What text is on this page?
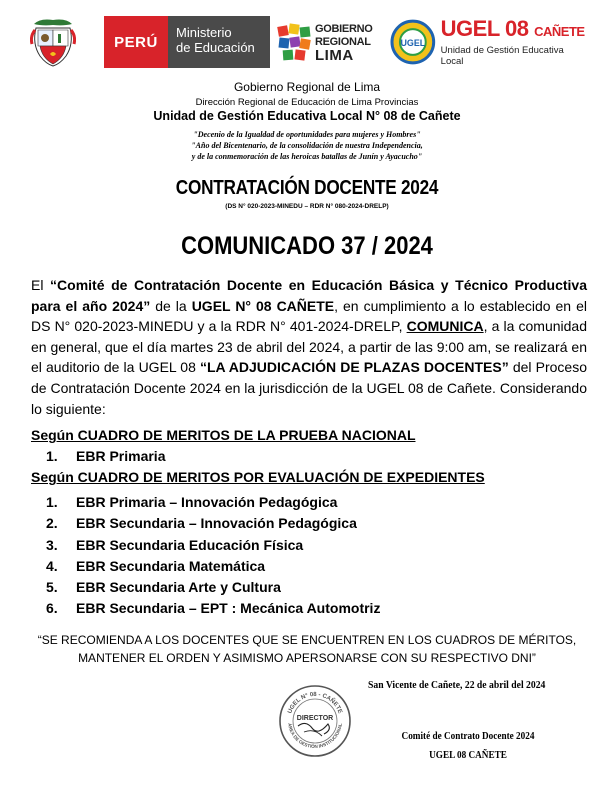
PERÚ
Ministerio
de Educación
GOBIERNO
REGIONAL
LIMA
UGEL
UGEL 08 CAÑETE
Unidad de Gestión Educativa Local
Gobierno Regional de Lima
Dirección Regional de Educación de Lima Provincias
Unidad de Gestión Educativa Local N° 08 de Cañete
"Decenio de la Igualdad de oportunidades para mujeres y Hombres"
"Año del Bicentenario, de la consolidación de nuestra Independencia,
y de la conmemoración de las heroicas batallas de Junín y Ayacucho"
CONTRATACIÓN DOCENTE 2024
(DS N° 020-2023-MINEDU – RDR N° 080-2024-DRELP)
COMUNICADO 37 / 2024
El “Comité de Contratación Docente en Educación Básica y Técnico Productiva para el año 2024” de la UGEL N° 08 CAÑETE, en cumplimiento a lo establecido en el DS N° 020-2023-MINEDU y a la RDR N° 401-2024-DRELP, COMUNICA, a la comunidad en general, que el día martes 23 de abril del 2024, a partir de las 9:00 am, se realizará en el auditorio de la UGEL 08 “LA ADJUDICACIÓN DE PLAZAS DOCENTES” del Proceso de Contratación Docente 2024 en la jurisdicción de la UGEL 08 de Cañete. Considerando lo siguiente:
Según CUADRO DE MERITOS DE LA PRUEBA NACIONAL
1.	EBR Primaria
Según CUADRO DE MERITOS POR EVALUACIÓN DE EXPEDIENTES
1.	EBR Primaria – Innovación Pedagógica
2.	EBR Secundaria – Innovación Pedagógica
3.	EBR Secundaria Educación Física
4.	EBR Secundaria Matemática
5.	EBR Secundaria Arte y Cultura
6.	EBR Secundaria – EPT : Mecánica Automotriz
“SE RECOMIENDA A LOS DOCENTES QUE SE ENCUENTREN EN LOS CUADROS DE MÉRITOS,
MANTENER EL ORDEN Y ASIMISMO APERSONARSE CON SU RESPECTIVO DNI”
San Vicente de Cañete, 22 de abril del 2024
UGEL N° 08 - CAÑETE
ÁREA DE GESTIÓN INSTITUCIONAL
DIRECTOR
Comité de Contrato Docente 2024
UGEL 08 CAÑETE
